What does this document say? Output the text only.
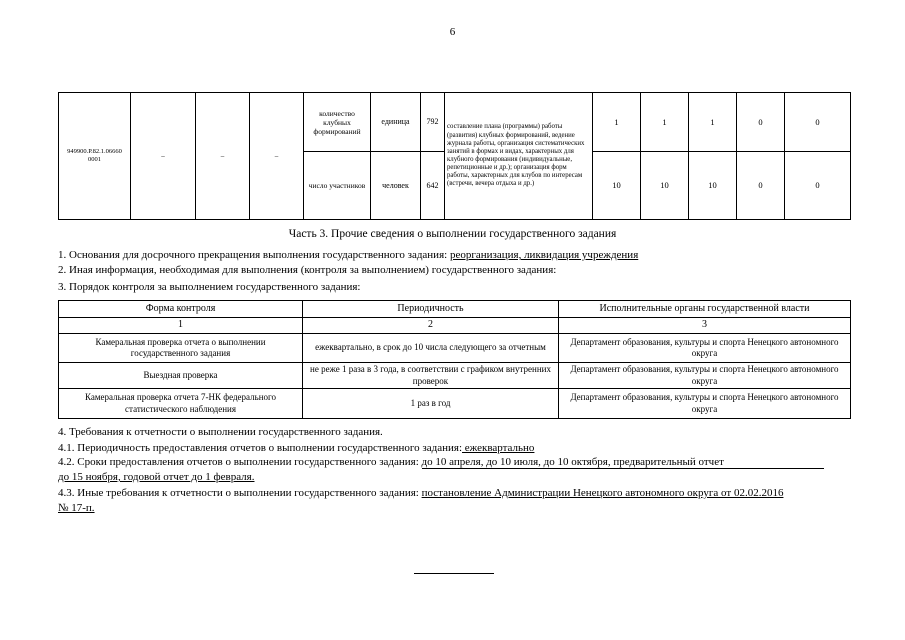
6
949900.Р.82.1.06660 0001	–	–	–	количество клубных формирований	единица	792	составление плана (программы) работы (развития) клубных формирований, ведение журнала работы, организация систематических занятий в формах и видах, характерных для клубного формирования (индивидуальные, репетиционные и др.); организация форм работы, характерных для клубов по интересам (встречи, вечера отдыха и др.)	1	1	1	0	0
				число участников	человек	642		10	10	10	0	0
Часть 3. Прочие сведения о выполнении государственного задания
1. Основания для досрочного прекращения выполнения государственного задания: реорганизация, ликвидация учреждения
2. Иная информация, необходимая для выполнения (контроля за выполнением) государственного задания:
3. Порядок контроля за выполнением государственного задания:
Форма контроля	Периодичность	Исполнительные органы государственной власти
1	2	3
Камеральная проверка отчета о выполнении государственного задания	ежеквартально, в срок до 10 числа следующего за отчетным	Департамент образования, культуры и спорта Ненецкого автономного округа
Выездная проверка	не реже 1 раза в 3 года, в соответствии с графиком внутренних проверок	Департамент образования, культуры и спорта Ненецкого автономного округа
Камеральная проверка отчета 7-НК федерального статистического наблюдения	1 раз в год	Департамент образования, культуры и спорта Ненецкого автономного округа
4. Требования к отчетности о выполнении государственного задания.
4.1. Периодичность предоставления отчетов о выполнении государственного задания: ежеквартально
4.2. Сроки предоставления отчетов о выполнении государственного задания: до 10 апреля, до 10 июля, до 10 октября, предварительный отчет
до 15 ноября, годовой отчет до 1 февраля.
4.3. Иные требования к отчетности о выполнении государственного задания: постановление Администрации Ненецкого автономного округа от 02.02.2016
№ 17-п.
